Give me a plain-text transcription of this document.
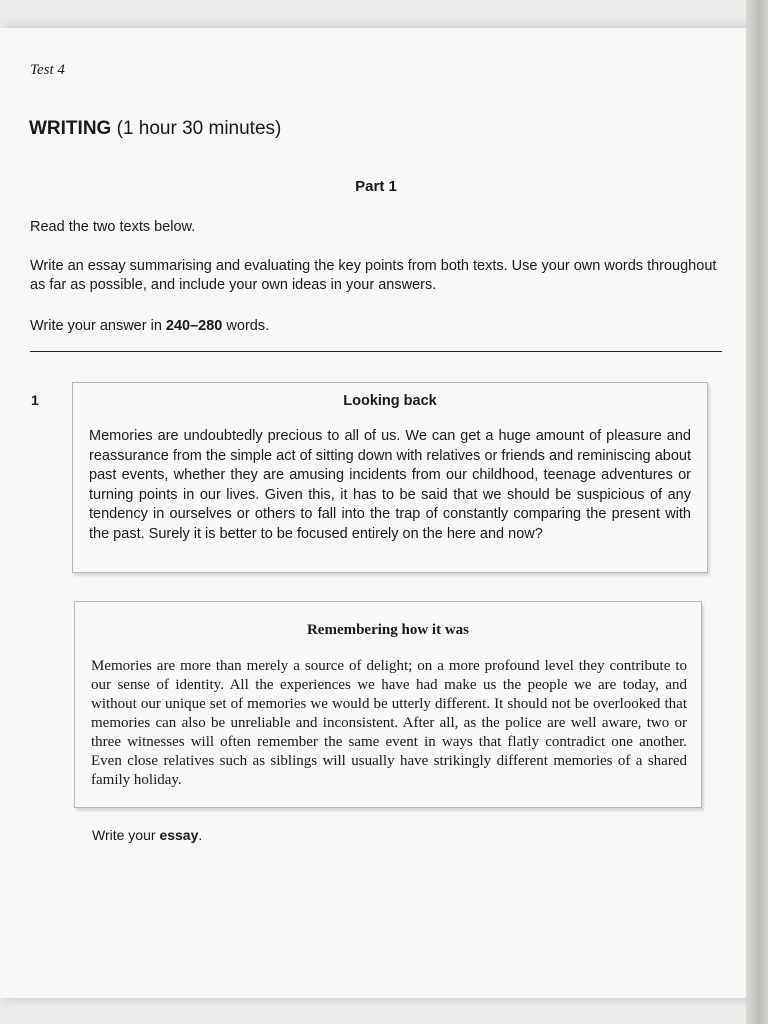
Test 4
WRITING (1 hour 30 minutes)
Part 1
Read the two texts below.
Write an essay summarising and evaluating the key points from both texts. Use your own words throughout as far as possible, and include your own ideas in your answers.
Write your answer in 240–280 words.
1	Looking back
Memories are undoubtedly precious to all of us. We can get a huge amount of pleasure and reassurance from the simple act of sitting down with relatives or friends and reminiscing about past events, whether they are amusing incidents from our childhood, teenage adventures or turning points in our lives. Given this, it has to be said that we should be suspicious of any tendency in ourselves or others to fall into the trap of constantly comparing the present with the past. Surely it is better to be focused entirely on the here and now?
Remembering how it was
Memories are more than merely a source of delight; on a more profound level they contribute to our sense of identity. All the experiences we have had make us the people we are today, and without our unique set of memories we would be utterly different. It should not be overlooked that memories can also be unreliable and inconsistent. After all, as the police are well aware, two or three witnesses will often remember the same event in ways that flatly contradict one another. Even close relatives such as siblings will usually have strikingly different memories of a shared family holiday.
Write your essay.
